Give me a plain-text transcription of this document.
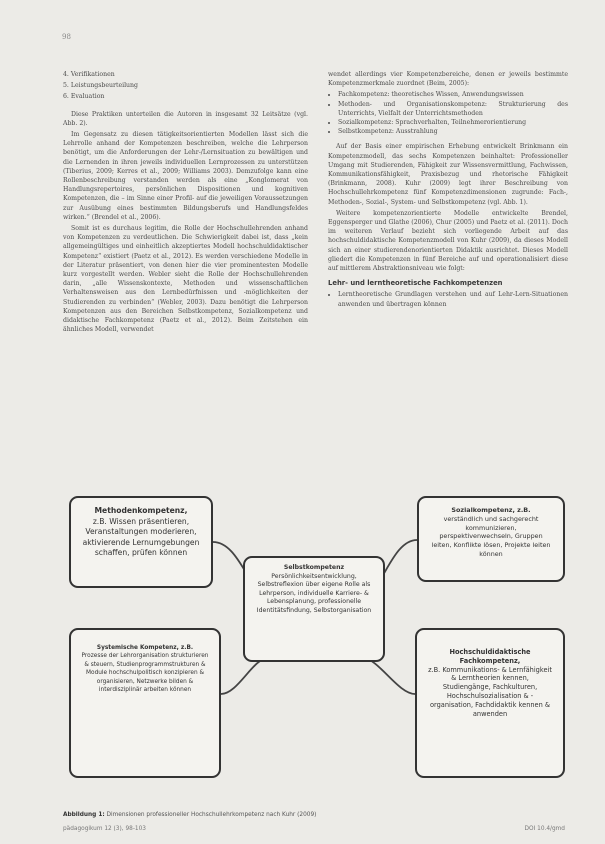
98

4. Verifikationen

5. Leistungsbeurteilung

6. Evaluation

Diese Praktiken unterteilen die Autoren in insgesamt 32 Leitsätze (vgl. Abb. 2).

Im Gegensatz zu diesen tätigkeitsorientierten Modellen lässt sich die Lehrrolle anhand der Kompetenzen beschreiben, welche die Lehrperson benötigt, um die Anforderungen der Lehr-/Lernsituation zu bewältigen und die Lernenden in ihren jeweils individuellen Lernprozessen zu unterstützen (Tiberius, 2009; Kerres et al., 2009; Williams 2003). Demzufolge kann eine Rollenbeschreibung verstanden werden als eine „Konglomerat von Handlungsrepertoires, persönlichen Dispositionen und kognitiven Kompetenzen, die – im Sinne einer Profil- auf die jeweiligen Voraussetzungen zur Ausübung eines bestimmten Bildungsberufs und Handlungsfeldes wirken.“ (Brendel et al., 2006).

Somit ist es durchaus legitim, die Rolle der Hochschullehrenden anhand von Kompetenzen zu verdeutlichen. Die Schwierigkeit dabei ist, dass „kein allgemeingültiges und einheitlich akzeptiertes Modell hochschuldidaktischer Kompetenz“ existiert (Paetz et al., 2012). Es werden verschiedene Modelle in der Literatur präsentiert, von denen hier die vier prominentesten Modelle kurz vorgestellt werden. Webler sieht die Rolle der Hochschullehrenden darin, „alle Wissenskontexte, Methoden und wissenschaftlichen Verhaltensweisen aus den Lernbedürfnissen und -möglichkeiten der Studierenden zu verbinden“ (Webler, 2003). Dazu benötigt die Lehrperson Kompetenzen aus den Bereichen Selbstkompetenz, Sozialkompetenz und didaktische Fachkompetenz (Paetz et al., 2012). Beim Zeitstehen ein ähnliches Modell, verwendet

wendet allerdings vier Kompetenzbereiche, denen er jeweils bestimmte Kompetenzmerkmale zuordnet (Beim, 2005):

• Fachkompetenz: theoretisches Wissen, Anwendungswissen
• Methoden- und Organisationskompetenz: Strukturierung des Unterrichts, Vielfalt der Unterrichtsmethoden
• Sozialkompetenz: Sprachverhalten, Teilnehmerorientierung
• Selbstkompetenz: Ausstrahlung

Auf der Basis einer empirischen Erhebung entwickelt Brinkmann ein Kompetenzmodell, das sechs Kompetenzen beinhaltet: Professioneller Umgang mit Studierenden, Fähigkeit zur Wissensvermittlung, Fachwissen, Kommunikationsfähigkeit, Praxisbezug und rhetorische Fähigkeit (Brinkmann, 2008). Kuhr (2009) legt ihrer Beschreibung von Hochschullehrkompetenz fünf Kompetenzdimensionen zugrunde: Fach-, Methoden-, Sozial-, System- und Selbstkompetenz (vgl. Abb. 1).

Weitere kompetenzorientierte Modelle entwickelte Brendel, Eggensperger und Glathe (2006), Chur (2005) und Paetz et al. (2011). Doch im weiteren Verlauf bezieht sich vorliegende Arbeit auf das hochschuldidaktische Kompetenzmodell von Kuhr (2009), da dieses Modell sich an einer studierendenorientierten Didaktik ausrichtet. Dieses Modell gliedert die Kompetenzen in fünf Bereiche auf und operationalisiert diese auf mittlerem Abstraktionsniveau wie folgt:

Lehr- und lerntheoretische Fachkompetenzen
• Lerntheoretische Grundlagen verstehen und auf Lehr-Lern-Situationen anwenden und übertragen können
Methodenkompetenz,
z.B. Wissen präsentieren, Veranstaltungen moderieren, aktivierende Lernumgebungen schaffen, prüfen können
Sozialkompetenz, z.B.
verständlich und sachgerecht kommunizieren, perspektivenwechseln, Gruppen leiten, Konflikte lösen, Projekte leiten können
Selbstkompetenz
Persönlichkeitsentwicklung, Selbstreflexion über eigene Rolle als Lehrperson, individuelle Karriere- & Lebensplanung, professionelle Identitätsfindung, Selbstorganisation
Systemische Kompetenz, z.B.
Prozesse der Lehrorganisation strukturieren & steuern, Studienprogrammstrukturen & Module hochschulpolitisch konzipieren & organisieren, Netzwerke bilden & interdisziplinär arbeiten können
Hochschuldidaktische Fachkompetenz,
z.B. Kommunikations- & Lernfähigkeit & Lerntheorien kennen, Studiengänge, Fachkulturen, Hochschulsozialisation & -organisation, Fachdidaktik kennen & anwenden
Abbildung 1: Dimensionen professioneller Hochschullehrkompetenz nach Kuhr (2009)
pädagogikum 12 (3), 98-103	DOI 10.4/gmd
